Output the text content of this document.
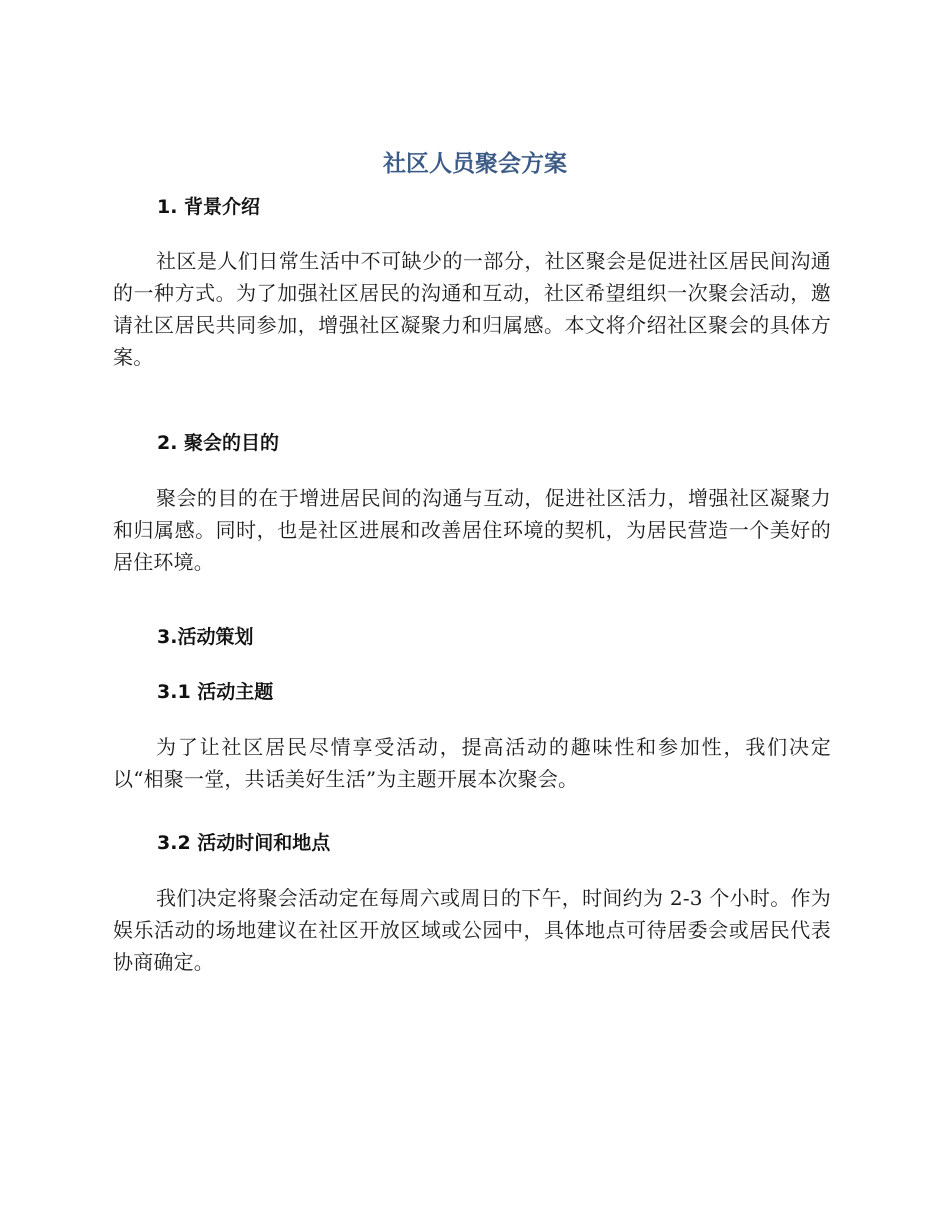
社区人员聚会方案
1. 背景介绍

社区是人们日常生活中不可缺少的一部分，社区聚会是促进社区居民间沟通的一种方式。为了加强社区居民的沟通和互动，社区希望组织一次聚会活动，邀请社区居民共同参加，增强社区凝聚力和归属感。本文将介绍社区聚会的具体方案。

2. 聚会的目的

聚会的目的在于增进居民间的沟通与互动，促进社区活力，增强社区凝聚力和归属感。同时，也是社区进展和改善居住环境的契机，为居民营造一个美好的居住环境。

3.活动策划
3.1 活动主题

为了让社区居民尽情享受活动，提高活动的趣味性和参加性，我们决定以“相聚一堂，共话美好生活”为主题开展本次聚会。

3.2 活动时间和地点

我们决定将聚会活动定在每周六或周日的下午，时间约为 2-3 个小时。作为娱乐活动的场地建议在社区开放区域或公园中，具体地点可待居委会或居民代表协商确定。
